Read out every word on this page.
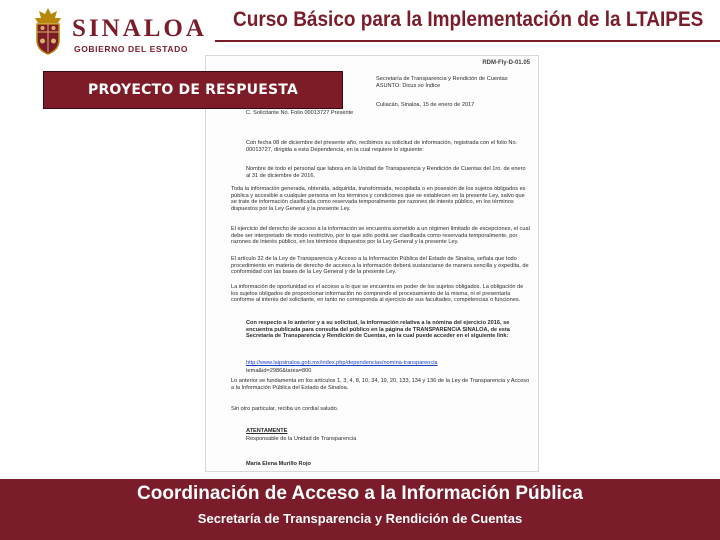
SINALOA
GOBIERNO DEL ESTADO
Curso Básico para la Implementación de la LTAIPES

RDM-Fly-D-01.05

Secretaría de Transparencia y Rendición de Cuentas ASUNTO: Dicus so Índice

Culiacán, Sinaloa, 15 de enero de 2017

C. Solicitante No. Folio 00013727 Presente

Con fecha 08 de diciembre del presente año, recibimos su solicitud de información, registrada con el folio No. 00013727, dirigida a esta Dependencia, en la cual requiere lo siguiente:

Nombre de todo el personal que labora en la Unidad de Transparencia y Rendición de Cuentas del 1ro. de enero al 31 de diciembre de 2016.

Toda la información generada, obtenida, adquirida, transformada, recopilada o en posesión de los sujetos obligados es pública y accesible a cualquier persona en los términos y condiciones que se establecen en la presente Ley, salvo que se trate de información clasificada como reservada temporalmente por razones de interés público, en los términos dispuestos por la Ley General y la presente Ley.

El ejercicio del derecho de acceso a la información se encuentra sometido a un régimen limitado de excepciones, el cual debe ser interpretado de modo restrictivo, por lo que sólo podrá ser clasificada como reservada temporalmente, por razones de interés público, en los términos dispuestos por la Ley General y la presente Ley.

El artículo 32 de la Ley de Transparencia y Acceso a la Información Pública del Estado de Sinaloa, señala que todo procedimiento en materia de derecho de acceso a la información deberá sustanciarse de manera sencilla y expedita, de conformidad con las bases de la Ley General y de la presente Ley.

La información de oportunidad es el acceso a lo que se encuentra en poder de los sujetos obligados. La obligación de los sujetos obligados de proporcionar información no comprende el procesamiento de la misma, ni el presentarla conforme al interés del solicitante, en tanto no corresponda al ejercicio de sus facultades, competencias o funciones.

Con respecto a lo anterior y a su solicitud, la información relativa a la nómina del ejercicio 2016, se encuentra publicada para consulta del público en la página de TRANSPARENCIA SINALOA, de esta Secretaría de Transparencia y Rendición de Cuentas, en la cual puede acceder en el siguiente link:

http://www.laipsinaloa.gob.mx/index.php/dependencias/nomina-transparencia

tema&id=2986&tarea=800

Lo anterior se fundamenta en los artículos 1, 3, 4, 8, 10, 34, 19, 20, 133, 134 y 136 de la Ley de Transparencia y Acceso a la Información Pública del Estado de Sinaloa.

Sin otro particular, reciba un cordial saludo.

ATENTAMENTE

Responsable de la Unidad de Transparencia

María Elena Murillo Rojo

PROYECTO DE RESPUESTA
Coordinación de Acceso a la Información Pública
Secretaría de Transparencia y Rendición de Cuentas
